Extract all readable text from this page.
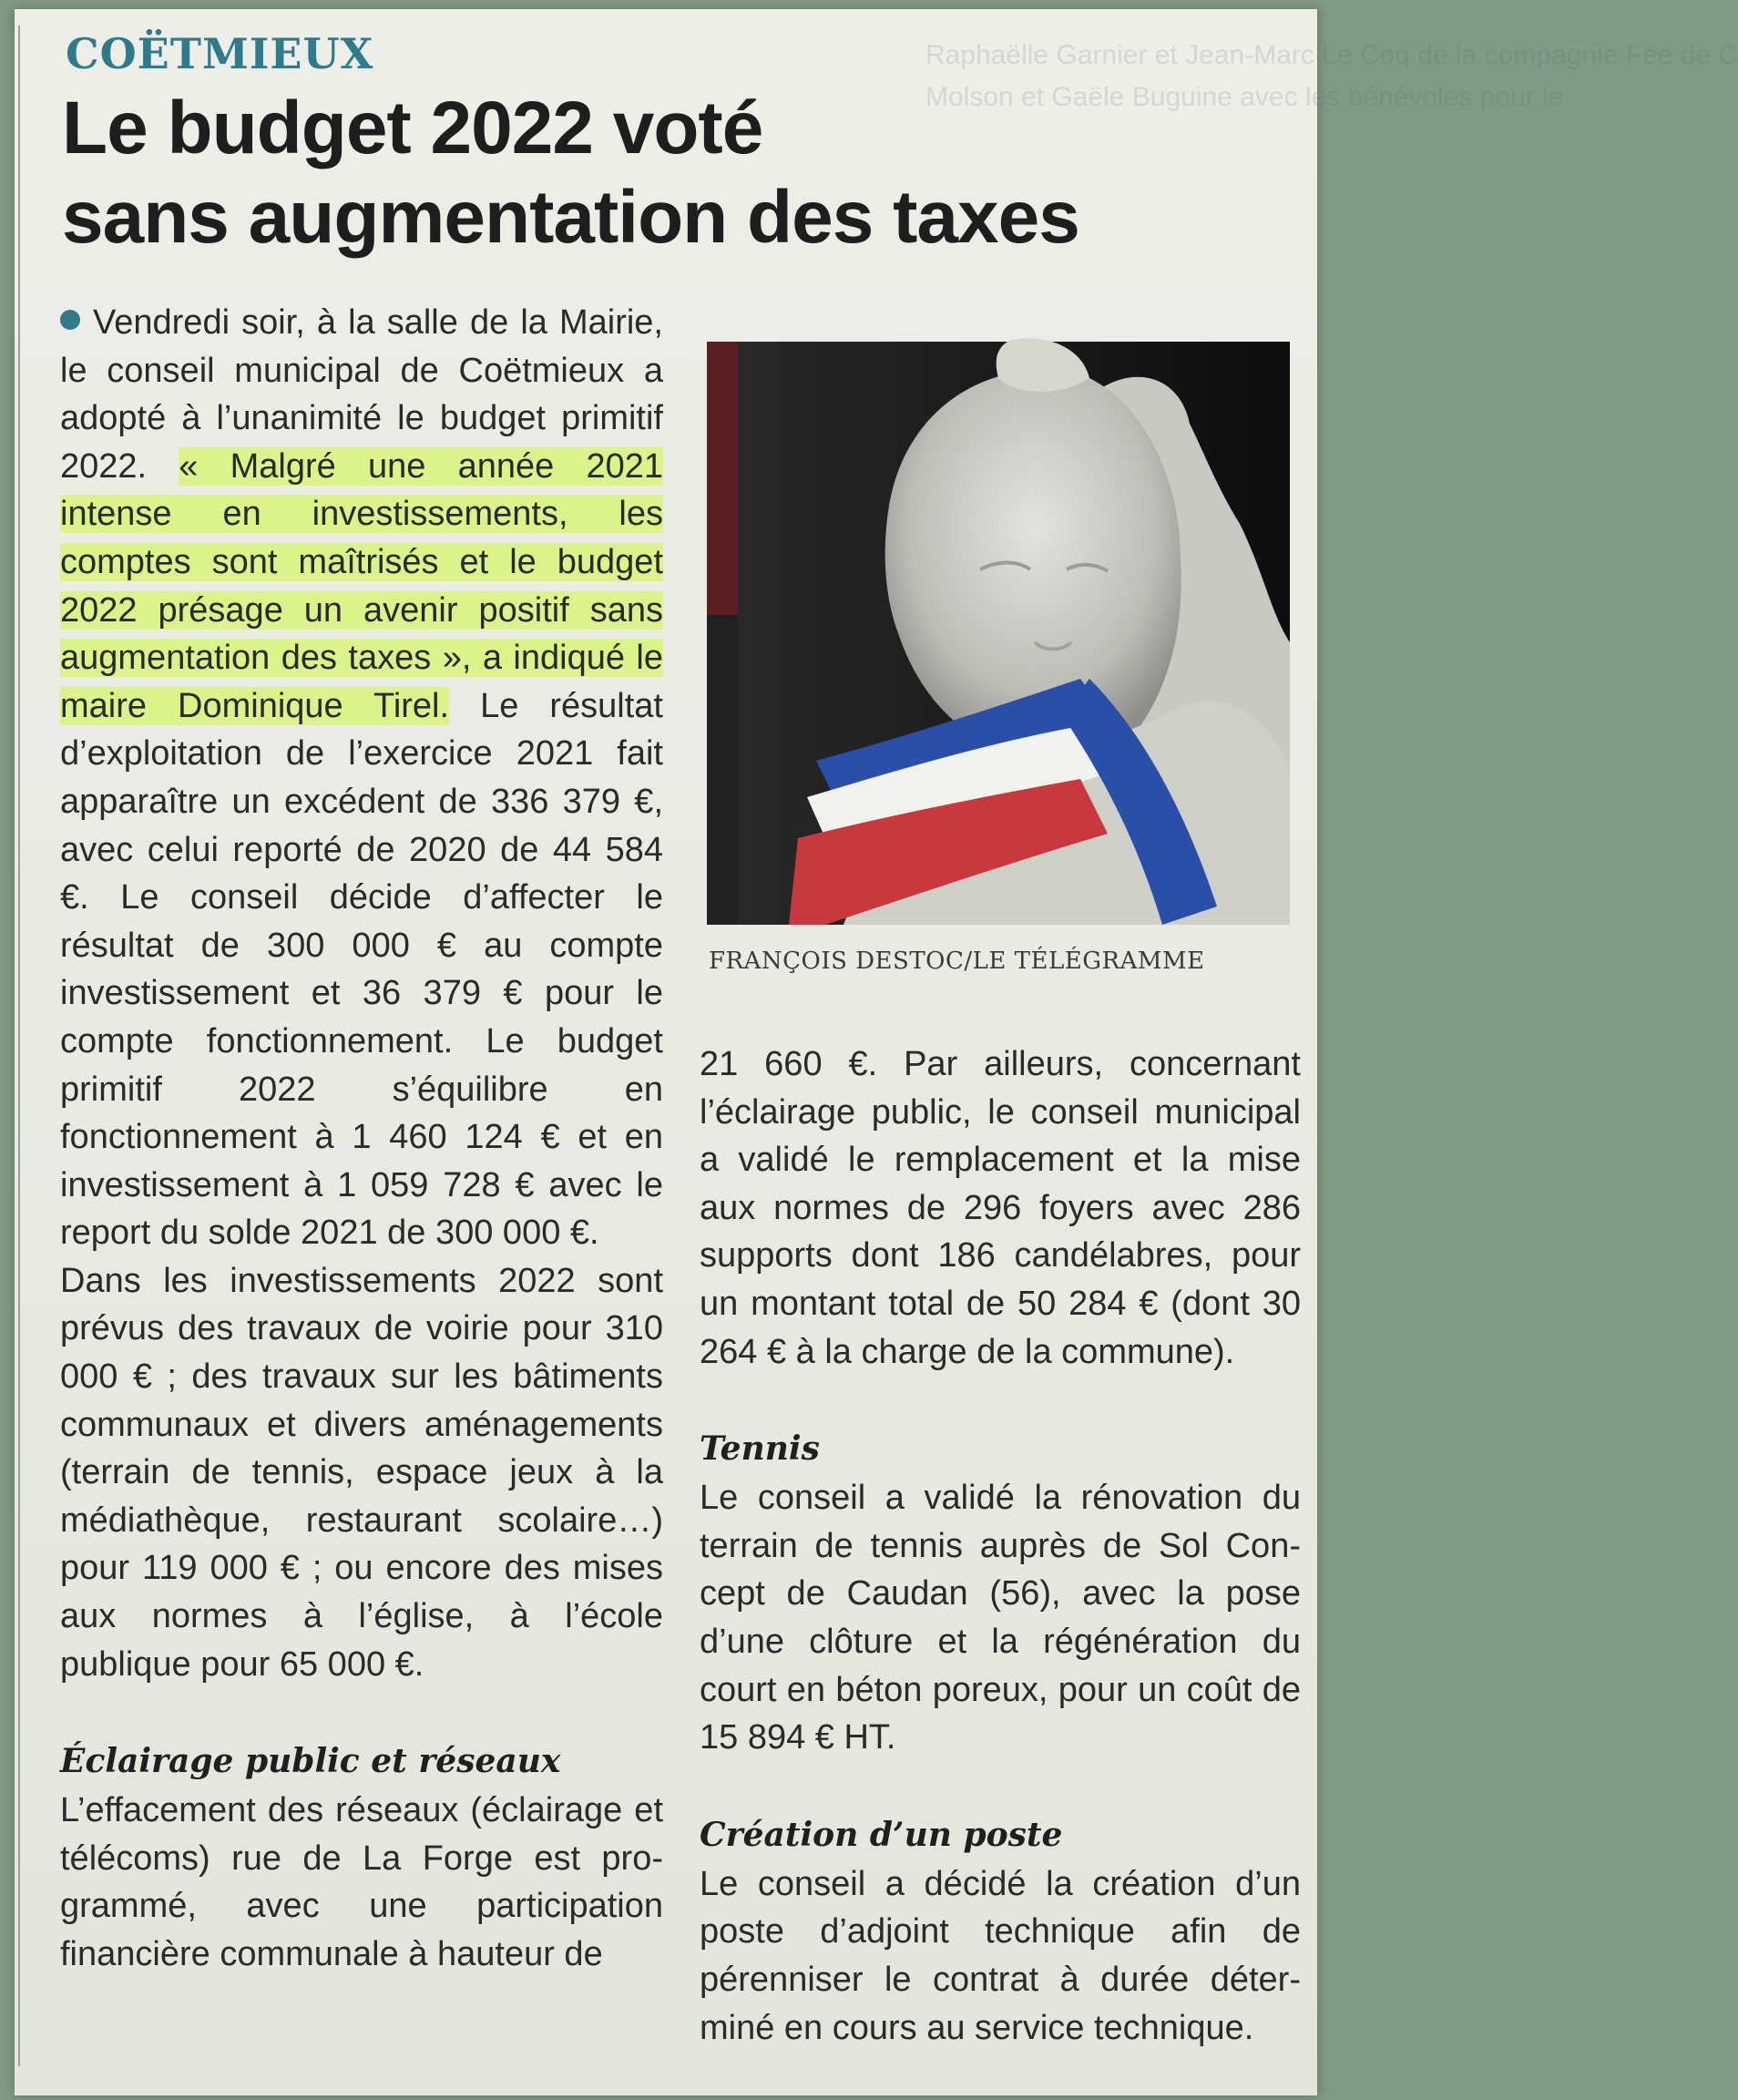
Raphaëlle Garnier et Jean-Marc Le Coq de la compagnie Fée de C
Molson et Gaële Buguine avec les bénévoles pour le
COËTMIEUX
Le budget 2022 voté
sans augmentation des taxes

Vendredi soir, à la salle de la Mairie, le conseil municipal de Coëtmieux a adopté à l’unanimité le budget primitif 2022. « Malgré une année 2021 intense en investissements, les comptes sont maîtrisés et le budget 2022 présage un avenir positif sans augmentation des taxes », a indiqué le maire Dominique Tirel. Le résultat d’exploitation de l’exercice 2021 fait apparaître un excédent de 336 379 €, avec celui reporté de 2020 de 44 584 €. Le conseil décide d’affecter le résultat de 300 000 € au compte investissement et 36 379 € pour le compte fonctionnement. Le budget primitif 2022 s’équilibre en fonctionnement à 1 460 124 € et en investissement à 1 059 728 € avec le report du solde 2021 de 300 000 €.

Dans les investissements 2022 sont prévus des travaux de voirie pour 310 000 € ; des travaux sur les bâtiments communaux et divers aménagements (terrain de tennis, espace jeux à la médiathèque, restaurant scolaire…) pour 119 000 € ; ou encore des mises aux normes à l’église, à l’école publique pour 65 000 €.

Éclairage public et réseaux

L’effacement des réseaux (éclairage et télécoms) rue de La Forge est programmé, avec une participation financière communale à hauteur de

FRANÇOIS DESTOC/LE TÉLÉGRAMME

21 660 €. Par ailleurs, concernant l’éclairage public, le conseil municipal a validé le remplacement et la mise aux normes de 296 foyers avec 286 supports dont 186 candélabres, pour un montant total de 50 284 € (dont 30 264 € à la charge de la commune).

Tennis

Le conseil a validé la rénovation du terrain de tennis auprès de Sol Concept de Caudan (56), avec la pose d’une clôture et la régénération du court en béton poreux, pour un coût de 15 894 € HT.

Création d’un poste

Le conseil a décidé la création d’un poste d’adjoint technique afin de pérenniser le contrat à durée déterminé en cours au service technique.
